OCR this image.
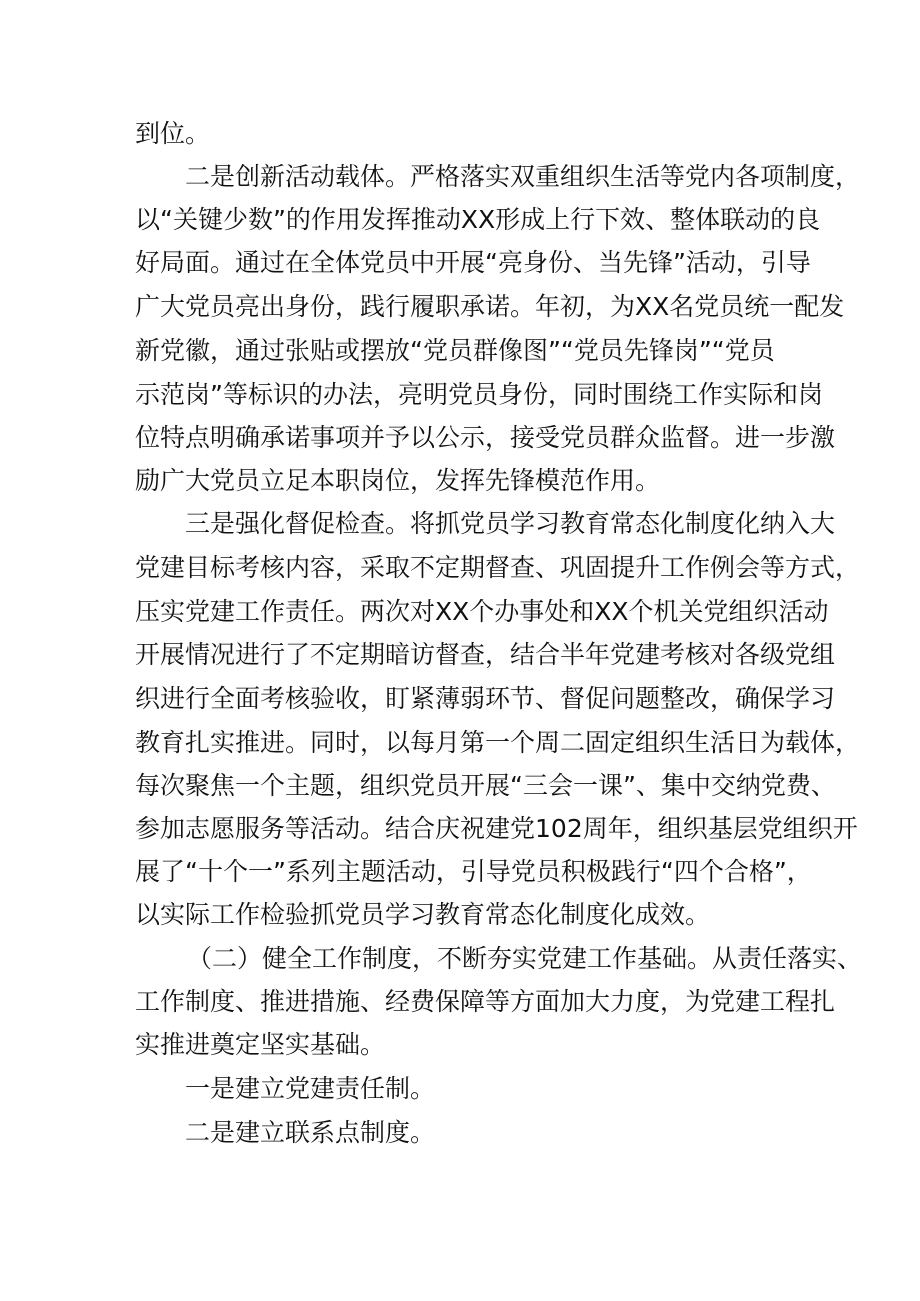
到位。
二是创新活动载体。严格落实双重组织生活等党内各项制度，
以“关键少数”的作用发挥推动XX形成上行下效、整体联动的良
好局面。通过在全体党员中开展“亮身份、当先锋”活动，引导
广大党员亮出身份，践行履职承诺。年初，为XX名党员统一配发
新党徽，通过张贴或摆放“党员群像图”“党员先锋岗”“党员
示范岗”等标识的办法，亮明党员身份，同时围绕工作实际和岗
位特点明确承诺事项并予以公示，接受党员群众监督。进一步激
励广大党员立足本职岗位，发挥先锋模范作用。
三是强化督促检查。将抓党员学习教育常态化制度化纳入大
党建目标考核内容，采取不定期督查、巩固提升工作例会等方式，
压实党建工作责任。两次对XX个办事处和XX个机关党组织活动
开展情况进行了不定期暗访督查，结合半年党建考核对各级党组
织进行全面考核验收，盯紧薄弱环节、督促问题整改，确保学习
教育扎实推进。同时，以每月第一个周二固定组织生活日为载体，
每次聚焦一个主题，组织党员开展“三会一课”、集中交纳党费、
参加志愿服务等活动。结合庆祝建党102周年，组织基层党组织开
展了“十个一”系列主题活动，引导党员积极践行“四个合格”，
以实际工作检验抓党员学习教育常态化制度化成效。
（二）健全工作制度，不断夯实党建工作基础。从责任落实、
工作制度、推进措施、经费保障等方面加大力度，为党建工程扎
实推进奠定坚实基础。
一是建立党建责任制。
二是建立联系点制度。
